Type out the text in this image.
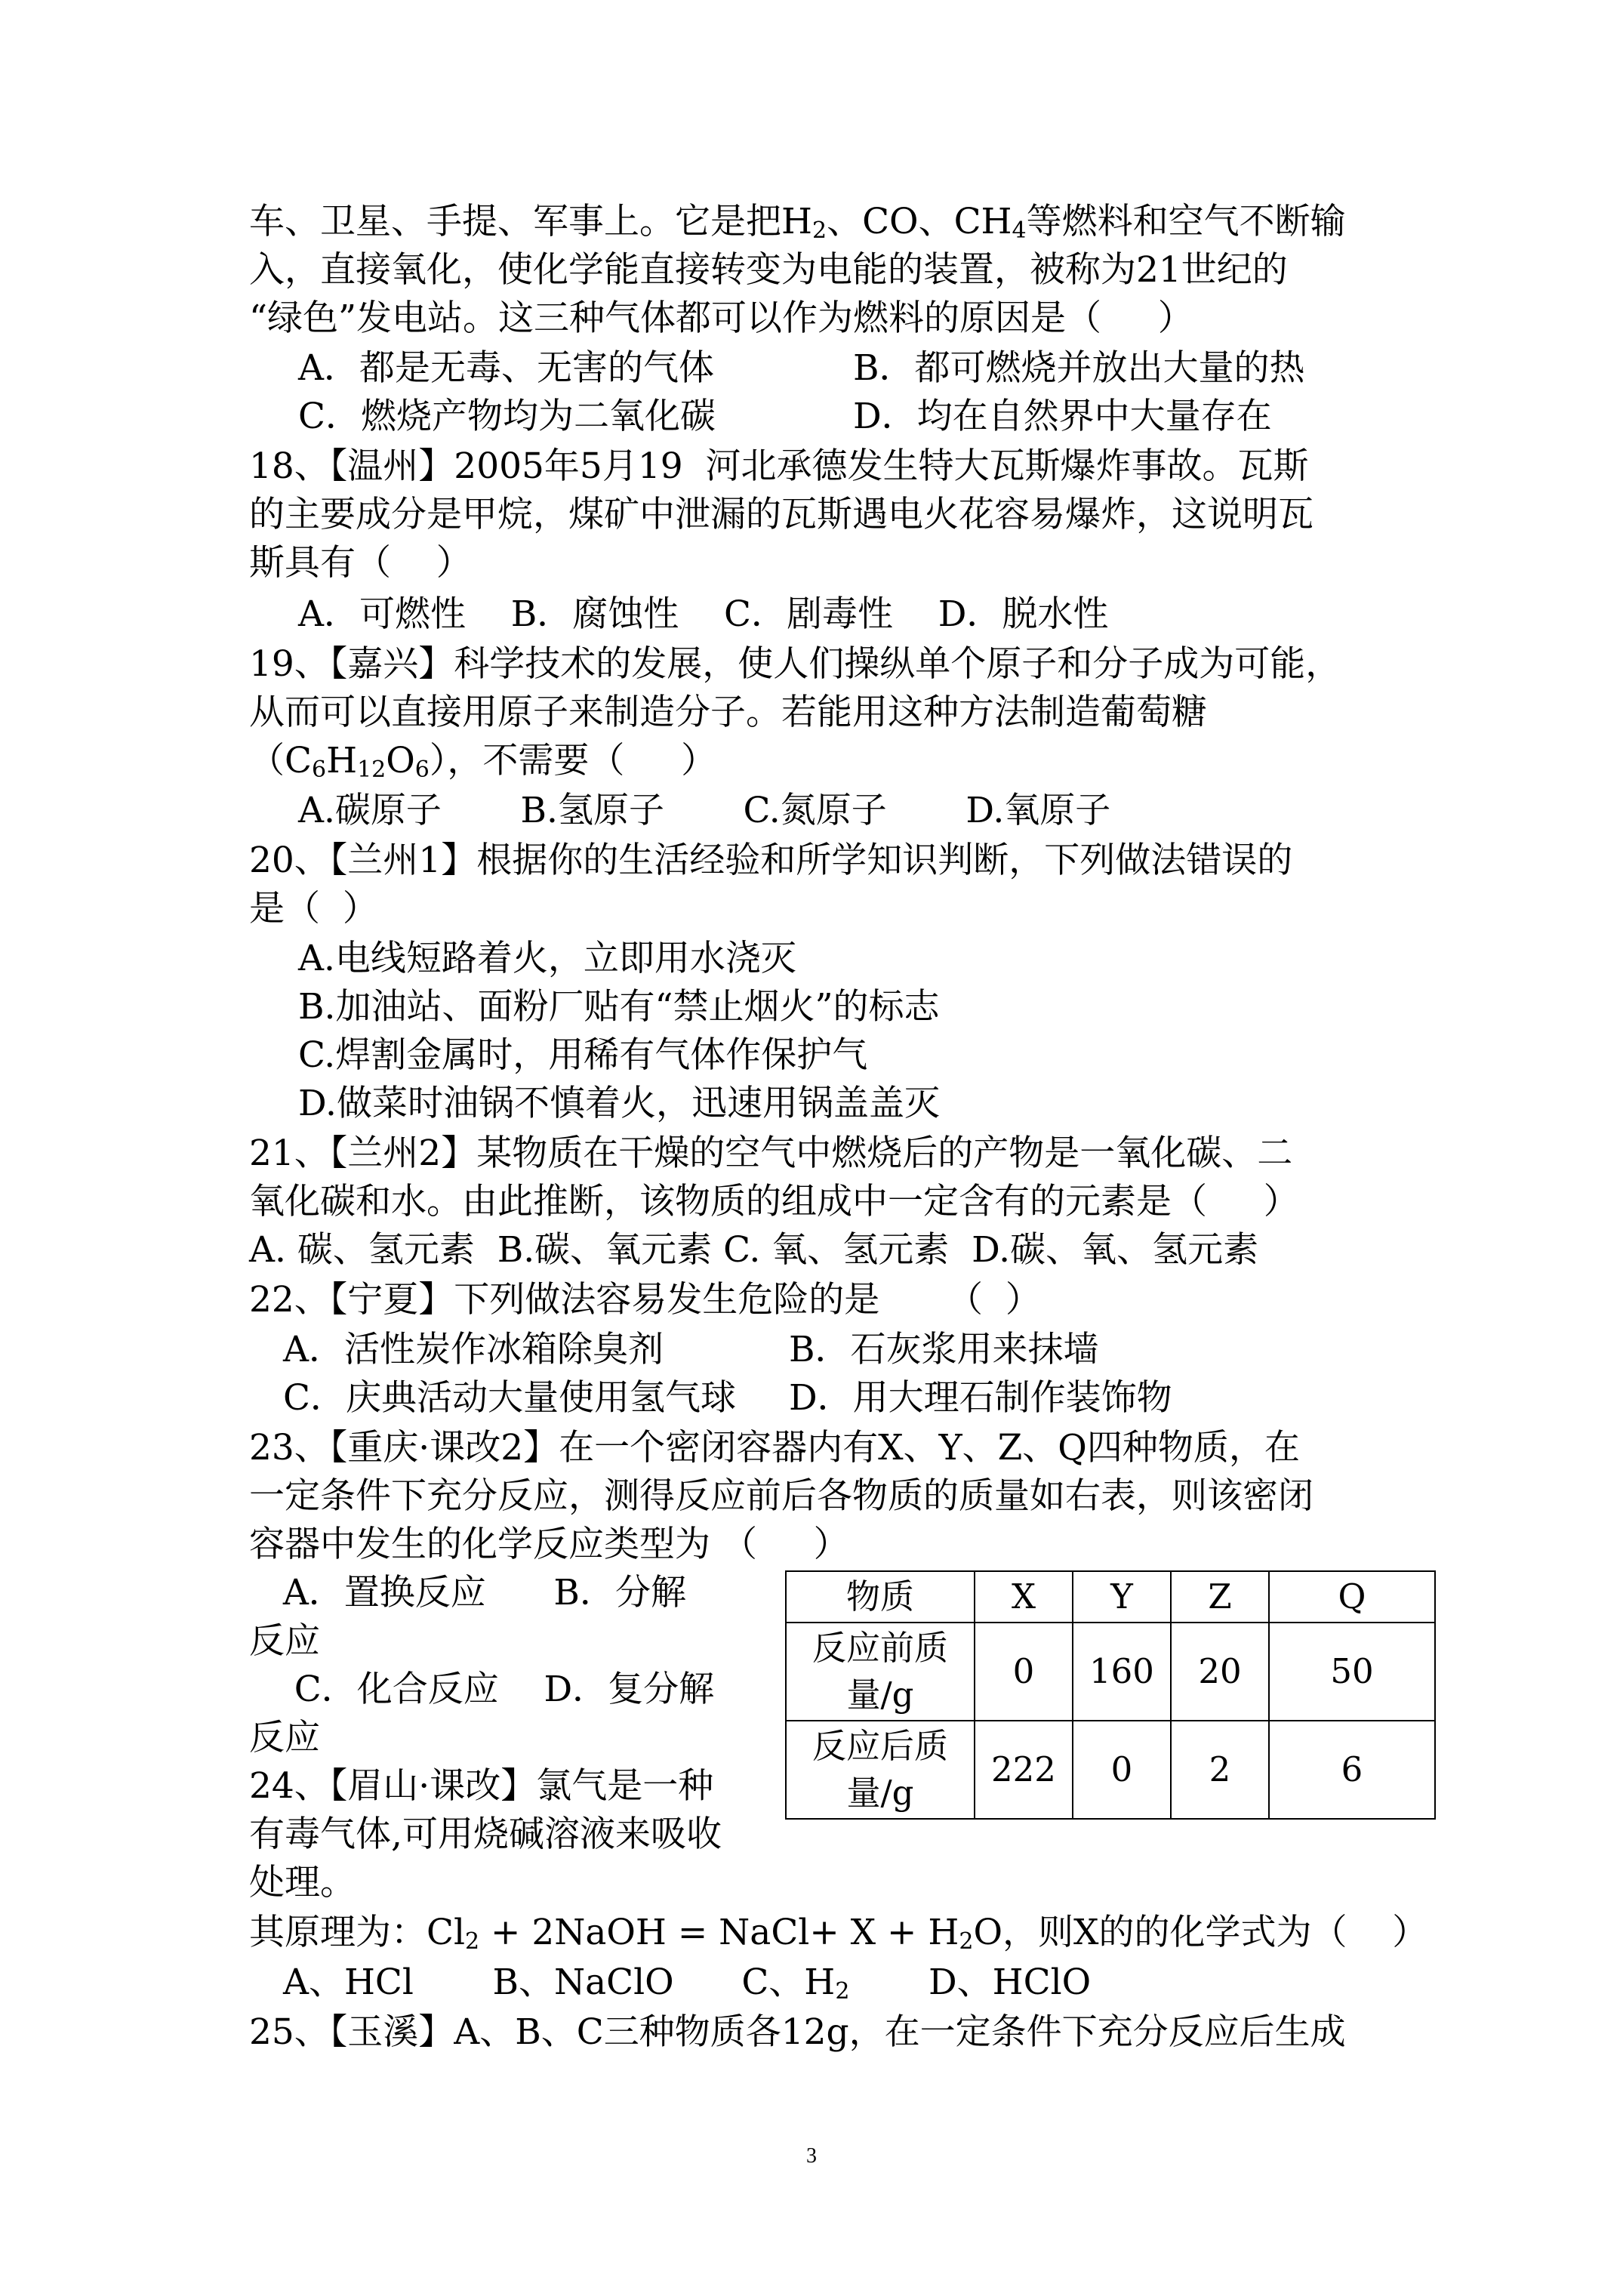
车、卫星、手提、军事上。它是把$H_2$、CO、$CH_4$等燃料和空气不断输

入，直接氧化，使化学能直接转变为电能的装置，被称为21世纪的

“绿色”发电站。这三种气体都可以作为燃料的原因是（     ）

A．都是无毒、无害的气体	B．都可燃烧并放出大量的热

C．燃烧产物均为二氧化碳	D．均在自然界中大量存在

18、【温州】2005年5月19  河北承德发生特大瓦斯爆炸事故。瓦斯

的主要成分是甲烷，煤矿中泄漏的瓦斯遇电火花容易爆炸，这说明瓦

斯具有（    ）

A．可燃性    B．腐蚀性    C．剧毒性    D．脱水性

19、【嘉兴】科学技术的发展，使人们操纵单个原子和分子成为可能，

从而可以直接用原子来制造分子。若能用这种方法制造葡萄糖

$(C_6H_{12}O_6)$，不需要（     ）

A.碳原子       B.氢原子       C.氮原子       D.氧原子

20、【兰州1】根据你的生活经验和所学知识判断，下列做法错误的

是（  ）

A.电线短路着火，立即用水浇灭

B.加油站、面粉厂贴有“禁止烟火”的标志

C.焊割金属时，用稀有气体作保护气

D.做菜时油锅不慎着火，迅速用锅盖盖灭

21、【兰州2】某物质在干燥的空气中燃烧后的产物是一氧化碳、二

氧化碳和水。由此推断，该物质的组成中一定含有的元素是（     ）

A. 碳、氢元素  B.碳、氧元素 C. 氧、氢元素  D.碳、氧、氢元素

22、【宁夏】下列做法容易发生危险的是      （  ）

A．活性炭作冰箱除臭剂	B．石灰浆用来抹墙

C．庆典活动大量使用氢气球 D．用大理石制作装饰物

23、【重庆·课改2】在一个密闭容器内有X、Y、Z、Q四种物质，在

一定条件下充分反应，测得反应前后各物质的质量如右表，则该密闭

容器中发生的化学反应类型为 （     ）

A．置换反应      B．分解

反应

C．化合反应    D．复分解

反应

24、【眉山·课改】氯气是一种

有毒气体,可用烧碱溶液来吸收

处理。

物质	X	Y	Z	Q
反应前质
量/g	0	160	20	50
反应后质
量/g	222	0	2	6

其原理为：$Cl_2$ + 2NaOH = NaCl+ $X + H_2O$，则X的的化学式为（    ）

A、HCl       B、NaClO      C、$H_2$       D、HClO

25、【玉溪】A、B、C三种物质各12g，在一定条件下充分反应后生成

3
